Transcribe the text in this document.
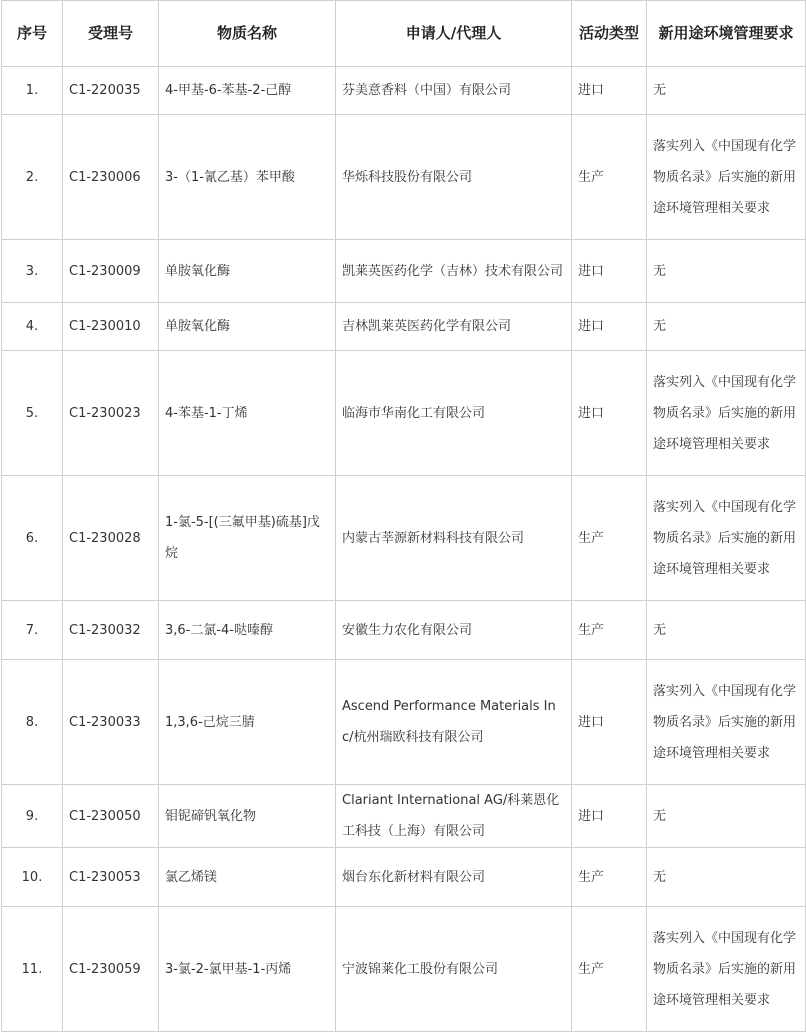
序号	受理号	物质名称	申请人/代理人	活动类型	新用途环境管理要求
1.	C1-220035	4-甲基-6-苯基-2-己醇	芬美意香料（中国）有限公司	进口	无
2.	C1-230006	3-（1-氰乙基）苯甲酸	华烁科技股份有限公司	生产	落实列入《中国现有化学物质名录》后实施的新用途环境管理相关要求
3.	C1-230009	单胺氧化酶	凯莱英医药化学（吉林）技术有限公司	进口	无
4.	C1-230010	单胺氧化酶	吉林凯莱英医药化学有限公司	进口	无
5.	C1-230023	4-苯基-1-丁烯	临海市华南化工有限公司	进口	落实列入《中国现有化学物质名录》后实施的新用途环境管理相关要求
6.	C1-230028	1-氯-5-[(三氟甲基)硫基]戊烷	内蒙古莘源新材料科技有限公司	生产	落实列入《中国现有化学物质名录》后实施的新用途环境管理相关要求
7.	C1-230032	3,6-二氯-4-哒嗪醇	安徽生力农化有限公司	生产	无
8.	C1-230033	1,3,6-己烷三腈	Ascend Performance Materials Inc/杭州瑞欧科技有限公司	进口	落实列入《中国现有化学物质名录》后实施的新用途环境管理相关要求
9.	C1-230050	钼铌碲钒氧化物	Clariant International AG/科莱恩化工科技（上海）有限公司	进口	无
10.	C1-230053	氯乙烯镁	烟台东化新材料有限公司	生产	无
11.	C1-230059	3-氯-2-氯甲基-1-丙烯	宁波锦莱化工股份有限公司	生产	落实列入《中国现有化学物质名录》后实施的新用途环境管理相关要求
